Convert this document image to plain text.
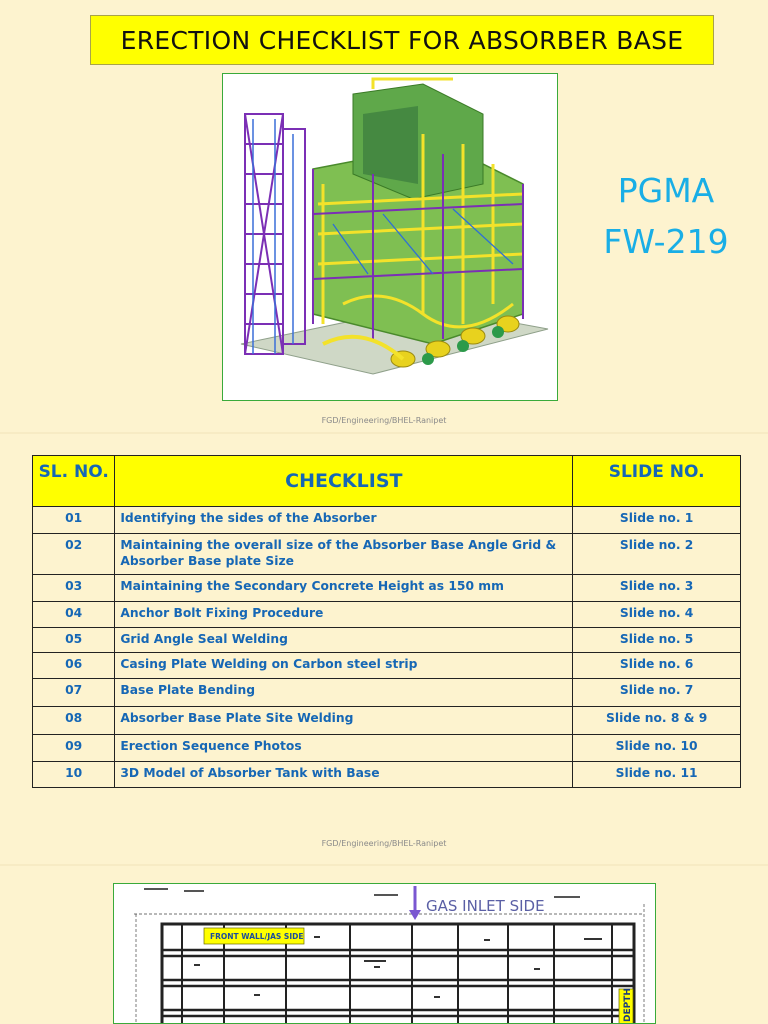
ERECTION CHECKLIST FOR ABSORBER BASE
PGMA
FW-219
FGD/Engineering/BHEL-Ranipet
SL. NO.	CHECKLIST	SLIDE NO.
01	Identifying the sides of the Absorber	Slide no. 1
02	Maintaining the overall size of the Absorber Base Angle Grid & Absorber Base plate Size	Slide no. 2
03	Maintaining the Secondary Concrete Height as 150 mm	Slide no. 3
04	Anchor Bolt Fixing Procedure	Slide no. 4
05	Grid Angle Seal Welding	Slide no. 5
06	Casing Plate Welding on Carbon steel strip	Slide no. 6
07	Base Plate Bending	Slide no. 7
08	Absorber Base Plate Site Welding	Slide no. 8 & 9
09	Erection Sequence Photos	Slide no. 10
10	3D Model of Absorber Tank with Base	Slide no. 11
FGD/Engineering/BHEL-Ranipet
GAS INLET SIDE
FRONT WALL/JAS SIDE
DEPTH
